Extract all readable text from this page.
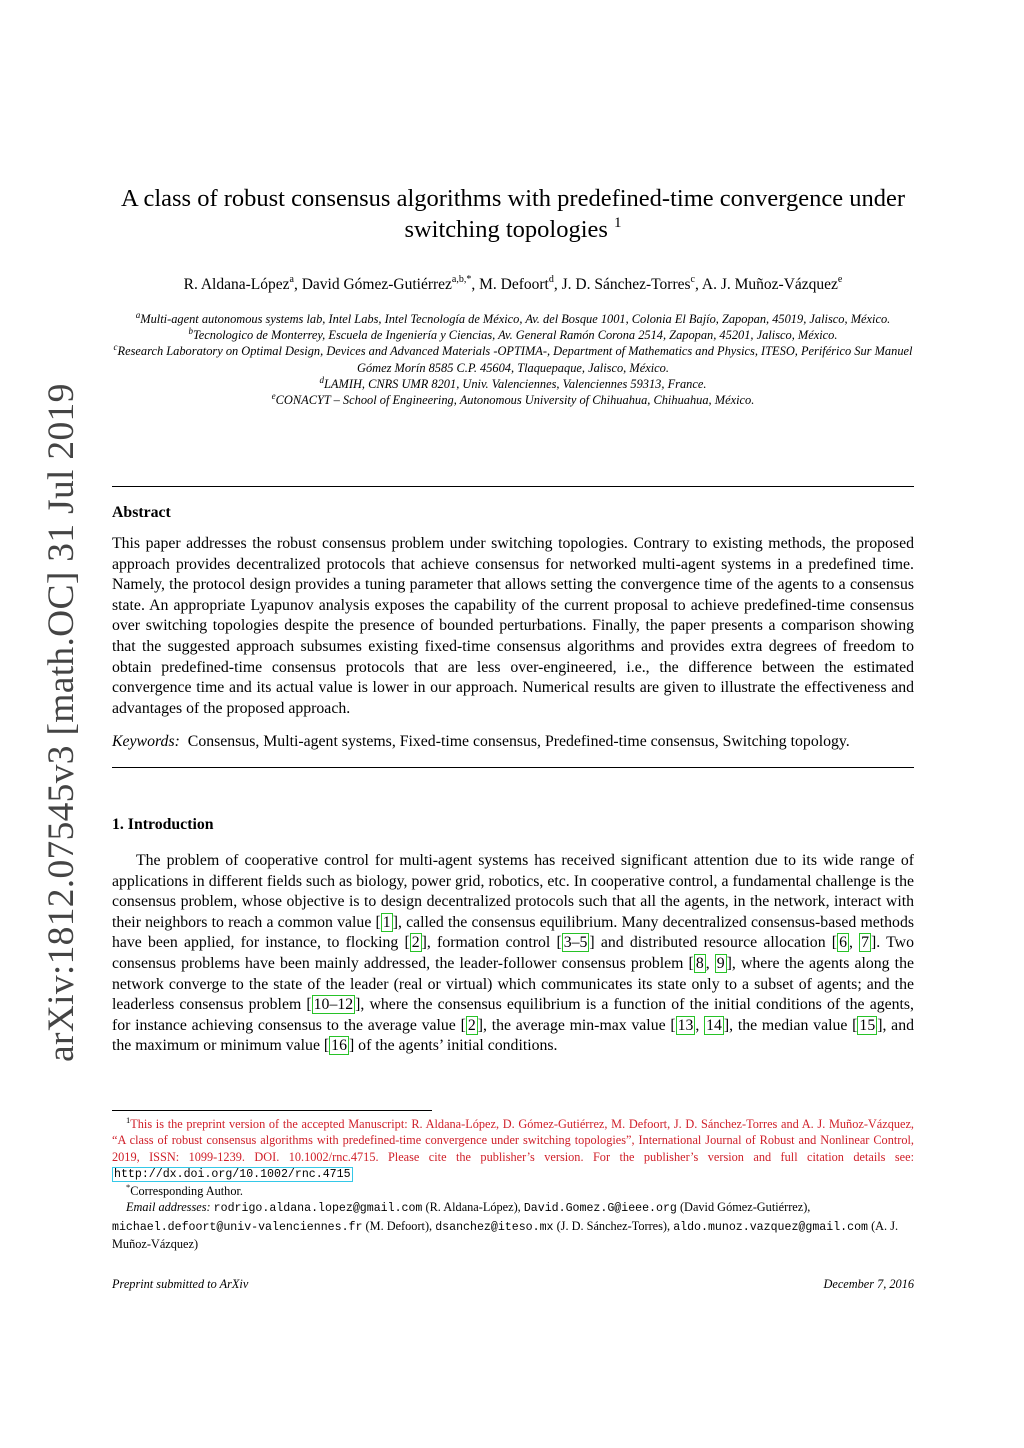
arXiv:1812.07545v3 [math.OC] 31 Jul 2019
A class of robust consensus algorithms with predefined-time convergence under
switching topologies $^1$
R. Aldana-López$^a$, David Gómez-Gutiérrez$^{a,b,*}$, M. Defoort$^d$, J. D. Sánchez-Torres$^c$, A. J. Muñoz-Vázquez$^e$

$^a$Multi-agent autonomous systems lab, Intel Labs, Intel Tecnología de México, Av. del Bosque 1001, Colonia El Bajío, Zapopan, 45019, Jalisco, México.

$^b$Tecnologico de Monterrey, Escuela de Ingeniería y Ciencias, Av. General Ramón Corona 2514, Zapopan, 45201, Jalisco, México.

$^c$Research Laboratory on Optimal Design, Devices and Advanced Materials -OPTIMA-, Department of Mathematics and Physics, ITESO, Periférico Sur Manuel Gómez Morín 8585 C.P. 45604, Tlaquepaque, Jalisco, México.

$^d$LAMIH, CNRS UMR 8201, Univ. Valenciennes, Valenciennes 59313, France.

$^e$CONACYT – School of Engineering, Autonomous University of Chihuahua, Chihuahua, México.

Abstract

This paper addresses the robust consensus problem under switching topologies. Contrary to existing methods, the proposed approach provides decentralized protocols that achieve consensus for networked multi-agent systems in a predefined time. Namely, the protocol design provides a tuning parameter that allows setting the convergence time of the agents to a consensus state. An appropriate Lyapunov analysis exposes the capability of the current proposal to achieve predefined-time consensus over switching topologies despite the presence of bounded perturbations. Finally, the paper presents a comparison showing that the suggested approach subsumes existing fixed-time consensus algorithms and provides extra degrees of freedom to obtain predefined-time consensus protocols that are less over-engineered, i.e., the difference between the estimated convergence time and its actual value is lower in our approach. Numerical results are given to illustrate the effectiveness and advantages of the proposed approach.

Keywords: Consensus, Multi-agent systems, Fixed-time consensus, Predefined-time consensus, Switching topology.

1. Introduction

The problem of cooperative control for multi-agent systems has received significant attention due to its wide range of applications in different fields such as biology, power grid, robotics, etc. In cooperative control, a fundamental challenge is the consensus problem, whose objective is to design decentralized protocols such that all the agents, in the network, interact with their neighbors to reach a common value [ 1 ], called the consensus equilibrium. Many decentralized consensus-based methods have been applied, for instance, to flocking [ 2 ], formation control [ 3–5 ] and distributed resource allocation [ 6 , 7 ]. Two consensus problems have been mainly addressed, the leader-follower consensus problem [ 8 , 9 ], where the agents along the network converge to the state of the leader (real or virtual) which communicates its state only to a subset of agents; and the leaderless consensus problem [ 10–12 ], where the consensus equilibrium is a function of the initial conditions of the agents, for instance achieving consensus to the average value [ 2 ], the average min-max value [ 13 , 14 ], the median value [ 15 ], and the maximum or minimum value [ 16 ] of the agents’ initial conditions.

$^1$This is the preprint version of the accepted Manuscript: R. Aldana-López, D. Gómez-Gutiérrez, M. Defoort, J. D. Sánchez-Torres and A. J. Muñoz-Vázquez, “A class of robust consensus algorithms with predefined-time convergence under switching topologies”, International Journal of Robust and Nonlinear Control, 2019, ISSN: 1099-1239. DOI. 10.1002/rnc.4715. Please cite the publisher’s version. For the publisher’s version and full citation details see: http://dx.doi.org/10.1002/rnc.4715

*Corresponding Author.

Email addresses: rodrigo.aldana.lopez@gmail.com (R. Aldana-López), David.Gomez.G@ieee.org (David Gómez-Gutiérrez), michael.defoort@univ-valenciennes.fr (M. Defoort), dsanchez@iteso.mx (J. D. Sánchez-Torres), aldo.munoz.vazquez@gmail.com (A. J. Muñoz-Vázquez)

Preprint submitted to ArXiv	December 7, 2016
